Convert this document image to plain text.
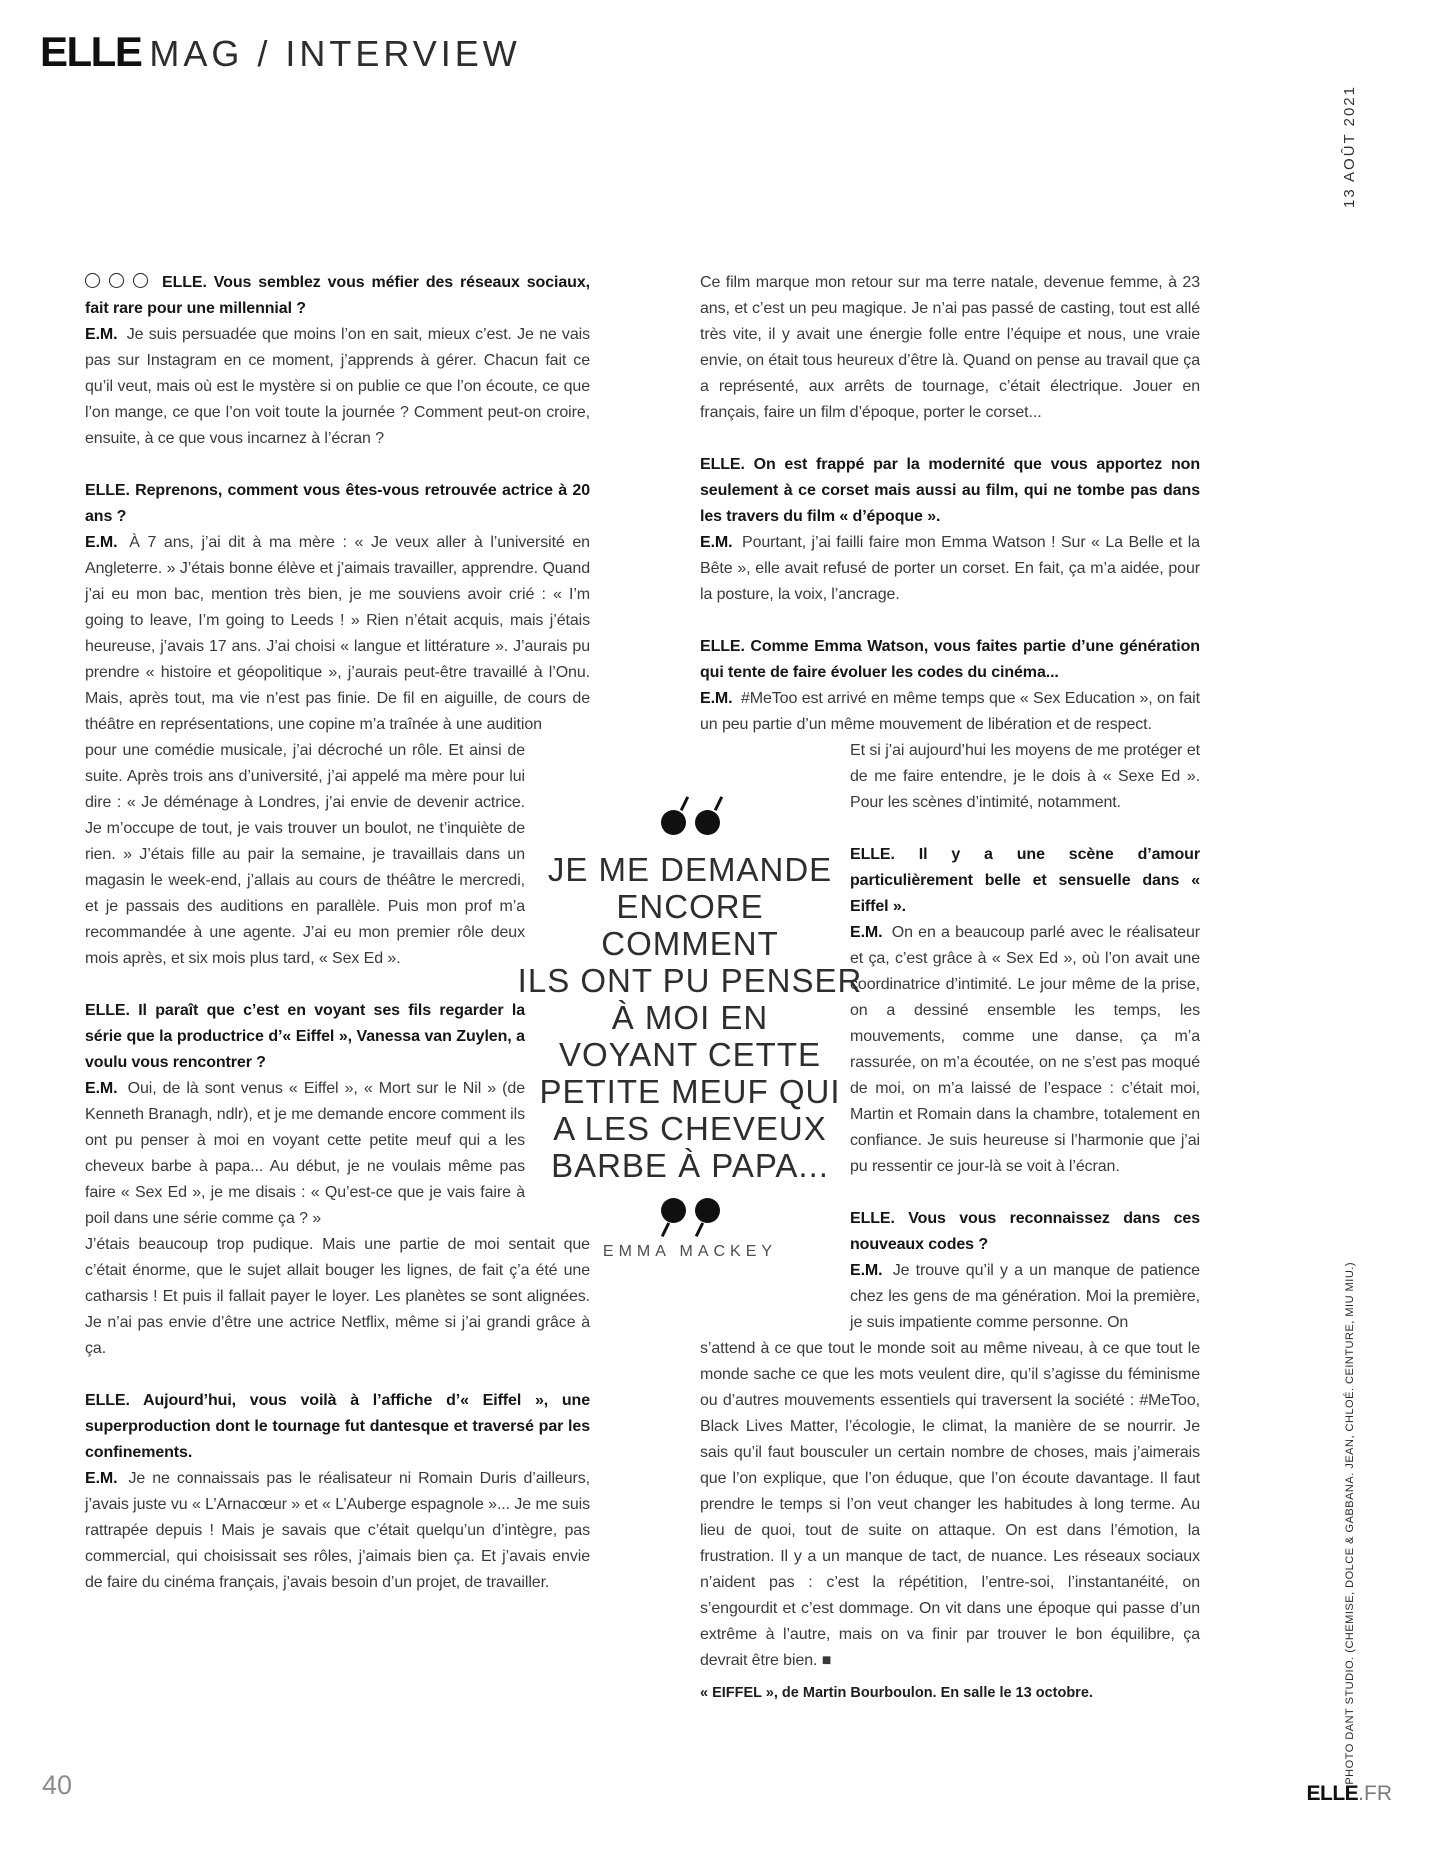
ELLE MAG / INTERVIEW
13 AOÛT 2021

ELLE. Vous semblez vous méfier des réseaux sociaux, fait rare pour une millennial ?

E.M. Je suis persuadée que moins l’on en sait, mieux c’est. Je ne vais pas sur Instagram en ce moment, j’apprends à gérer. Chacun fait ce qu’il veut, mais où est le mystère si on publie ce que l’on écoute, ce que l’on mange, ce que l’on voit toute la journée ? Comment peut-on croire, ensuite, à ce que vous incarnez à l’écran ?

ELLE. Reprenons, comment vous êtes-vous retrouvée actrice à 20 ans ?

E.M. À 7 ans, j’ai dit à ma mère : « Je veux aller à l’université en Angleterre. » J’étais bonne élève et j’aimais travailler, apprendre. Quand j’ai eu mon bac, mention très bien, je me souviens avoir crié : « I’m going to leave, I’m going to Leeds ! » Rien n’était acquis, mais j’étais heureuse, j’avais 17 ans. J’ai choisi « langue et littérature ». J’aurais pu prendre « histoire et géopolitique », j’aurais peut-être travaillé à l’Onu. Mais, après tout, ma vie n’est pas finie. De fil en aiguille, de cours de théâtre en représentations, une copine m’a traînée à une audition

pour une comédie musicale, j’ai décroché un rôle. Et ainsi de suite. Après trois ans d’université, j’ai appelé ma mère pour lui dire : « Je déménage à Londres, j’ai envie de devenir actrice. Je m’occupe de tout, je vais trouver un boulot, ne t’inquiète de rien. » J’étais fille au pair la semaine, je travaillais dans un magasin le week-end, j’allais au cours de théâtre le mercredi, et je passais des auditions en parallèle. Puis mon prof m’a recommandée à une agente. J’ai eu mon premier rôle deux mois après, et six mois plus tard, « Sex Ed ».

ELLE. Il paraît que c’est en voyant ses fils regarder la série que la productrice d’« Eiffel », Vanessa van Zuylen, a voulu vous rencontrer ?

E.M. Oui, de là sont venus « Eiffel », « Mort sur le Nil » (de Kenneth Branagh, ndlr), et je me demande encore comment ils ont pu penser à moi en voyant cette petite meuf qui a les cheveux barbe à papa... Au début, je ne voulais même pas faire « Sex Ed », je me disais : « Qu’est-ce que je vais faire à poil dans une série comme ça ? »

J’étais beaucoup trop pudique. Mais une partie de moi sentait que c’était énorme, que le sujet allait bouger les lignes, de fait ç’a été une catharsis ! Et puis il fallait payer le loyer. Les planètes se sont alignées. Je n’ai pas envie d’être une actrice Netflix, même si j’ai grandi grâce à ça.

ELLE. Aujourd’hui, vous voilà à l’affiche d’« Eiffel », une superproduction dont le tournage fut dantesque et traversé par les confinements.

E.M. Je ne connaissais pas le réalisateur ni Romain Duris d’ailleurs, j’avais juste vu « L’Arnacœur » et « L’Auberge espagnole »... Je me suis rattrapée depuis ! Mais je savais que c’était quelqu’un d’intègre, pas commercial, qui choisissait ses rôles, j’aimais bien ça. Et j’avais envie de faire du cinéma français, j’avais besoin d’un projet, de travailler.

Ce film marque mon retour sur ma terre natale, devenue femme, à 23 ans, et c’est un peu magique. Je n’ai pas passé de casting, tout est allé très vite, il y avait une énergie folle entre l’équipe et nous, une vraie envie, on était tous heureux d’être là. Quand on pense au travail que ça a représenté, aux arrêts de tournage, c’était électrique. Jouer en français, faire un film d’époque, porter le corset...

ELLE. On est frappé par la modernité que vous apportez non seulement à ce corset mais aussi au film, qui ne tombe pas dans les travers du film « d’époque ».

E.M. Pourtant, j’ai failli faire mon Emma Watson ! Sur « La Belle et la Bête », elle avait refusé de porter un corset. En fait, ça m’a aidée, pour la posture, la voix, l’ancrage.

ELLE. Comme Emma Watson, vous faites partie d’une génération qui tente de faire évoluer les codes du cinéma...

E.M. #MeToo est arrivé en même temps que « Sex Education », on fait un peu partie d’un même mouvement de libération et de respect.

Et si j’ai aujourd’hui les moyens de me protéger et de me faire entendre, je le dois à « Sexe Ed ». Pour les scènes d’intimité, notamment.

ELLE. Il y a une scène d’amour particulièrement belle et sensuelle dans « Eiffel ».

E.M. On en a beaucoup parlé avec le réalisateur et ça, c’est grâce à « Sex Ed », où l’on avait une coordinatrice d’intimité. Le jour même de la prise, on a dessiné ensemble les temps, les mouvements, comme une danse, ça m’a rassurée, on m’a écoutée, on ne s’est pas moqué de moi, on m’a laissé de l’espace : c’était moi, Martin et Romain dans la chambre, totalement en confiance. Je suis heureuse si l’harmonie que j’ai pu ressentir ce jour-là se voit à l’écran.

ELLE. Vous vous reconnaissez dans ces nouveaux codes ?

E.M. Je trouve qu’il y a un manque de patience chez les gens de ma génération. Moi la première, je suis impatiente comme personne. On

s’attend à ce que tout le monde soit au même niveau, à ce que tout le monde sache ce que les mots veulent dire, qu’il s’agisse du féminisme ou d’autres mouvements essentiels qui traversent la société : #MeToo, Black Lives Matter, l’écologie, le climat, la manière de se nourrir. Je sais qu’il faut bousculer un certain nombre de choses, mais j’aimerais que l’on explique, que l’on éduque, que l’on écoute davantage. Il faut prendre le temps si l’on veut changer les habitudes à long terme. Au lieu de quoi, tout de suite on attaque. On est dans l’émotion, la frustration. Il y a un manque de tact, de nuance. Les réseaux sociaux n’aident pas : c’est la répétition, l’entre-soi, l’instantanéité, on s’engourdit et c’est dommage. On vit dans une époque qui passe d’un extrême à l’autre, mais on va finir par trouver le bon équilibre, ça devrait être bien. ■

« EIFFEL », de Martin Bourboulon. En salle le 13 octobre.

JE ME DEMANDE
ENCORE
COMMENT
ILS ONT PU PENSER
À MOI EN
VOYANT CETTE
PETITE MEUF QUI
A LES CHEVEUX
BARBE À PAPA...
EMMA MACKEY
PHOTO DANT STUDIO. (CHEMISE, DOLCE & GABBANA. JEAN, CHLOÉ. CEINTURE, MIU MIU.)
40	ELLE.FR
